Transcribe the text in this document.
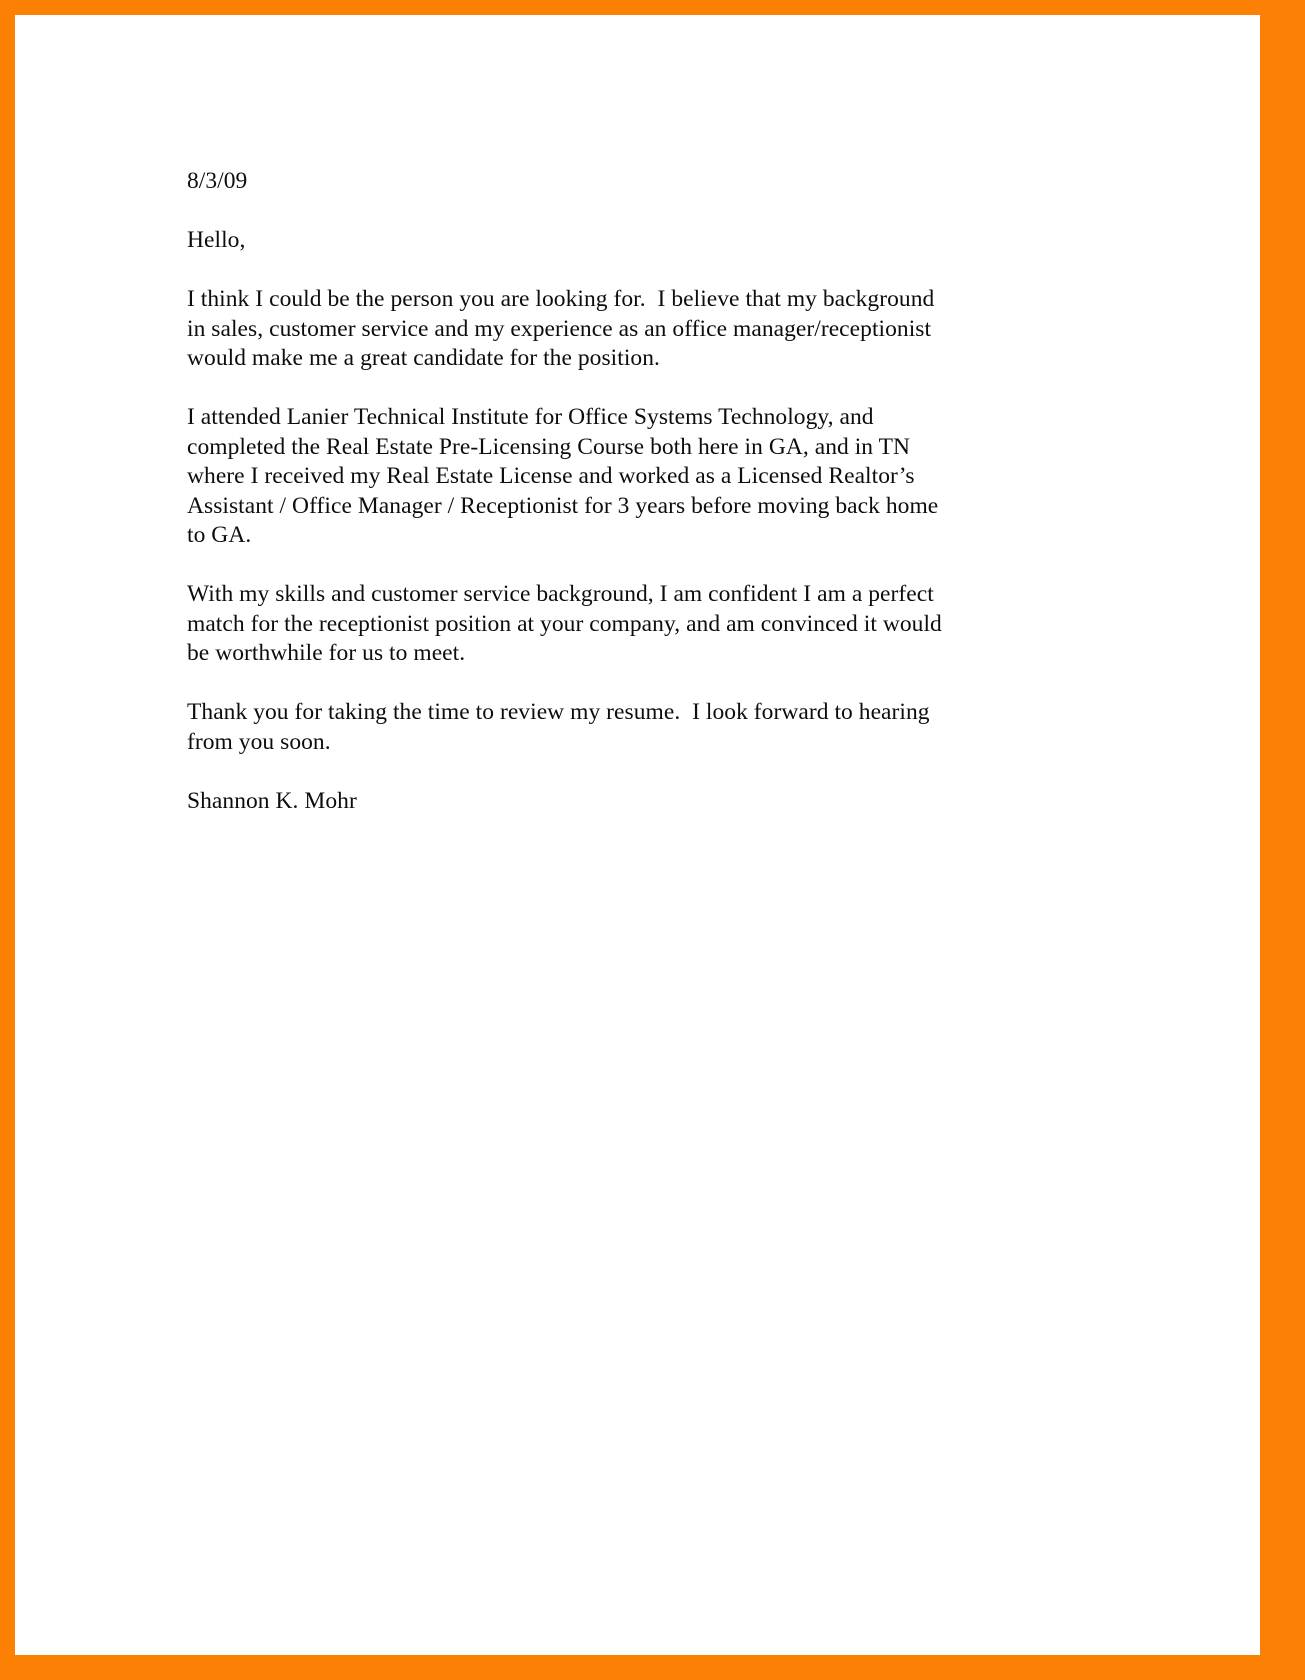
8/3/09

Hello,

I think I could be the person you are looking for.  I believe that my background

in sales, customer service and my experience as an office manager/receptionist

would make me a great candidate for the position.

I attended Lanier Technical Institute for Office Systems Technology, and

completed the Real Estate Pre-Licensing Course both here in GA, and in TN

where I received my Real Estate License and worked as a Licensed Realtor’s

Assistant / Office Manager / Receptionist for 3 years before moving back home

to GA.

With my skills and customer service background, I am confident I am a perfect

match for the receptionist position at your company, and am convinced it would

be worthwhile for us to meet.

Thank you for taking the time to review my resume.  I look forward to hearing

from you soon.

Shannon K. Mohr
